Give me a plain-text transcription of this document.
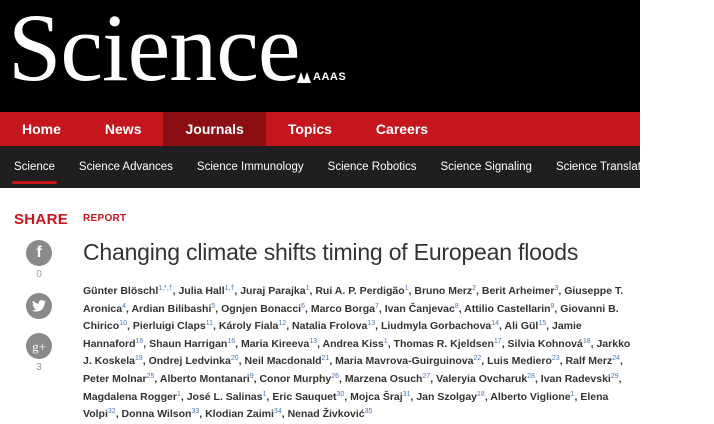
Science AAAS
Home	News	Journals	Topics	Careers
Science Science Advances Science Immunology Science Robotics Science Signaling Science Translational Medicine
SHARE
f
0
g+
3
REPORT
Changing climate shifts timing of European floods
Günter Blöschl$^{1,*,\dagger}$, Julia Hall$^{1,\dagger}$, Juraj Parajka$^1$, Rui A. P. Perdigão$^1$, Bruno Merz$^2$, Berit Arheimer$^3$, Giuseppe T. Aronica$^4$, Ardian Bilibashi$^5$, Ognjen Bonacci$^6$, Marco Borga$^7$, Ivan Čanjevac$^8$, Attilio Castellarin$^9$, Giovanni B. Chirico$^{10}$, Pierluigi Claps$^{11}$, Károly Fiala$^{12}$, Natalia Frolova$^{13}$, Liudmyla Gorbachova$^{14}$, Ali Gül$^{15}$, Jamie Hannaford$^{16}$, Shaun Harrigan$^{16}$, Maria Kireeva$^{13}$, Andrea Kiss$^1$, Thomas R. Kjeldsen$^{17}$, Silvia Kohnová$^{18}$, Jarkko J. Koskela$^{19}$, Ondrej Ledvinka$^{20}$, Neil Macdonald$^{21}$, Maria Mavrova-Guirguinova$^{22}$, Luis Mediero$^{23}$, Ralf Merz$^{24}$, Peter Molnar$^{25}$, Alberto Montanari$^9$, Conor Murphy$^{26}$, Marzena Osuch$^{27}$, Valeryia Ovcharuk$^{28}$, Ivan Radevski$^{29}$, Magdalena Rogger$^1$, José L. Salinas$^1$, Eric Sauquet$^{30}$, Mojca Šraj$^{31}$, Jan Szolgay$^{18}$, Alberto Viglione$^1$, Elena Volpi$^{32}$, Donna Wilson$^{33}$, Klodian Zaimi$^{34}$, Nenad Živković$^{35}$
